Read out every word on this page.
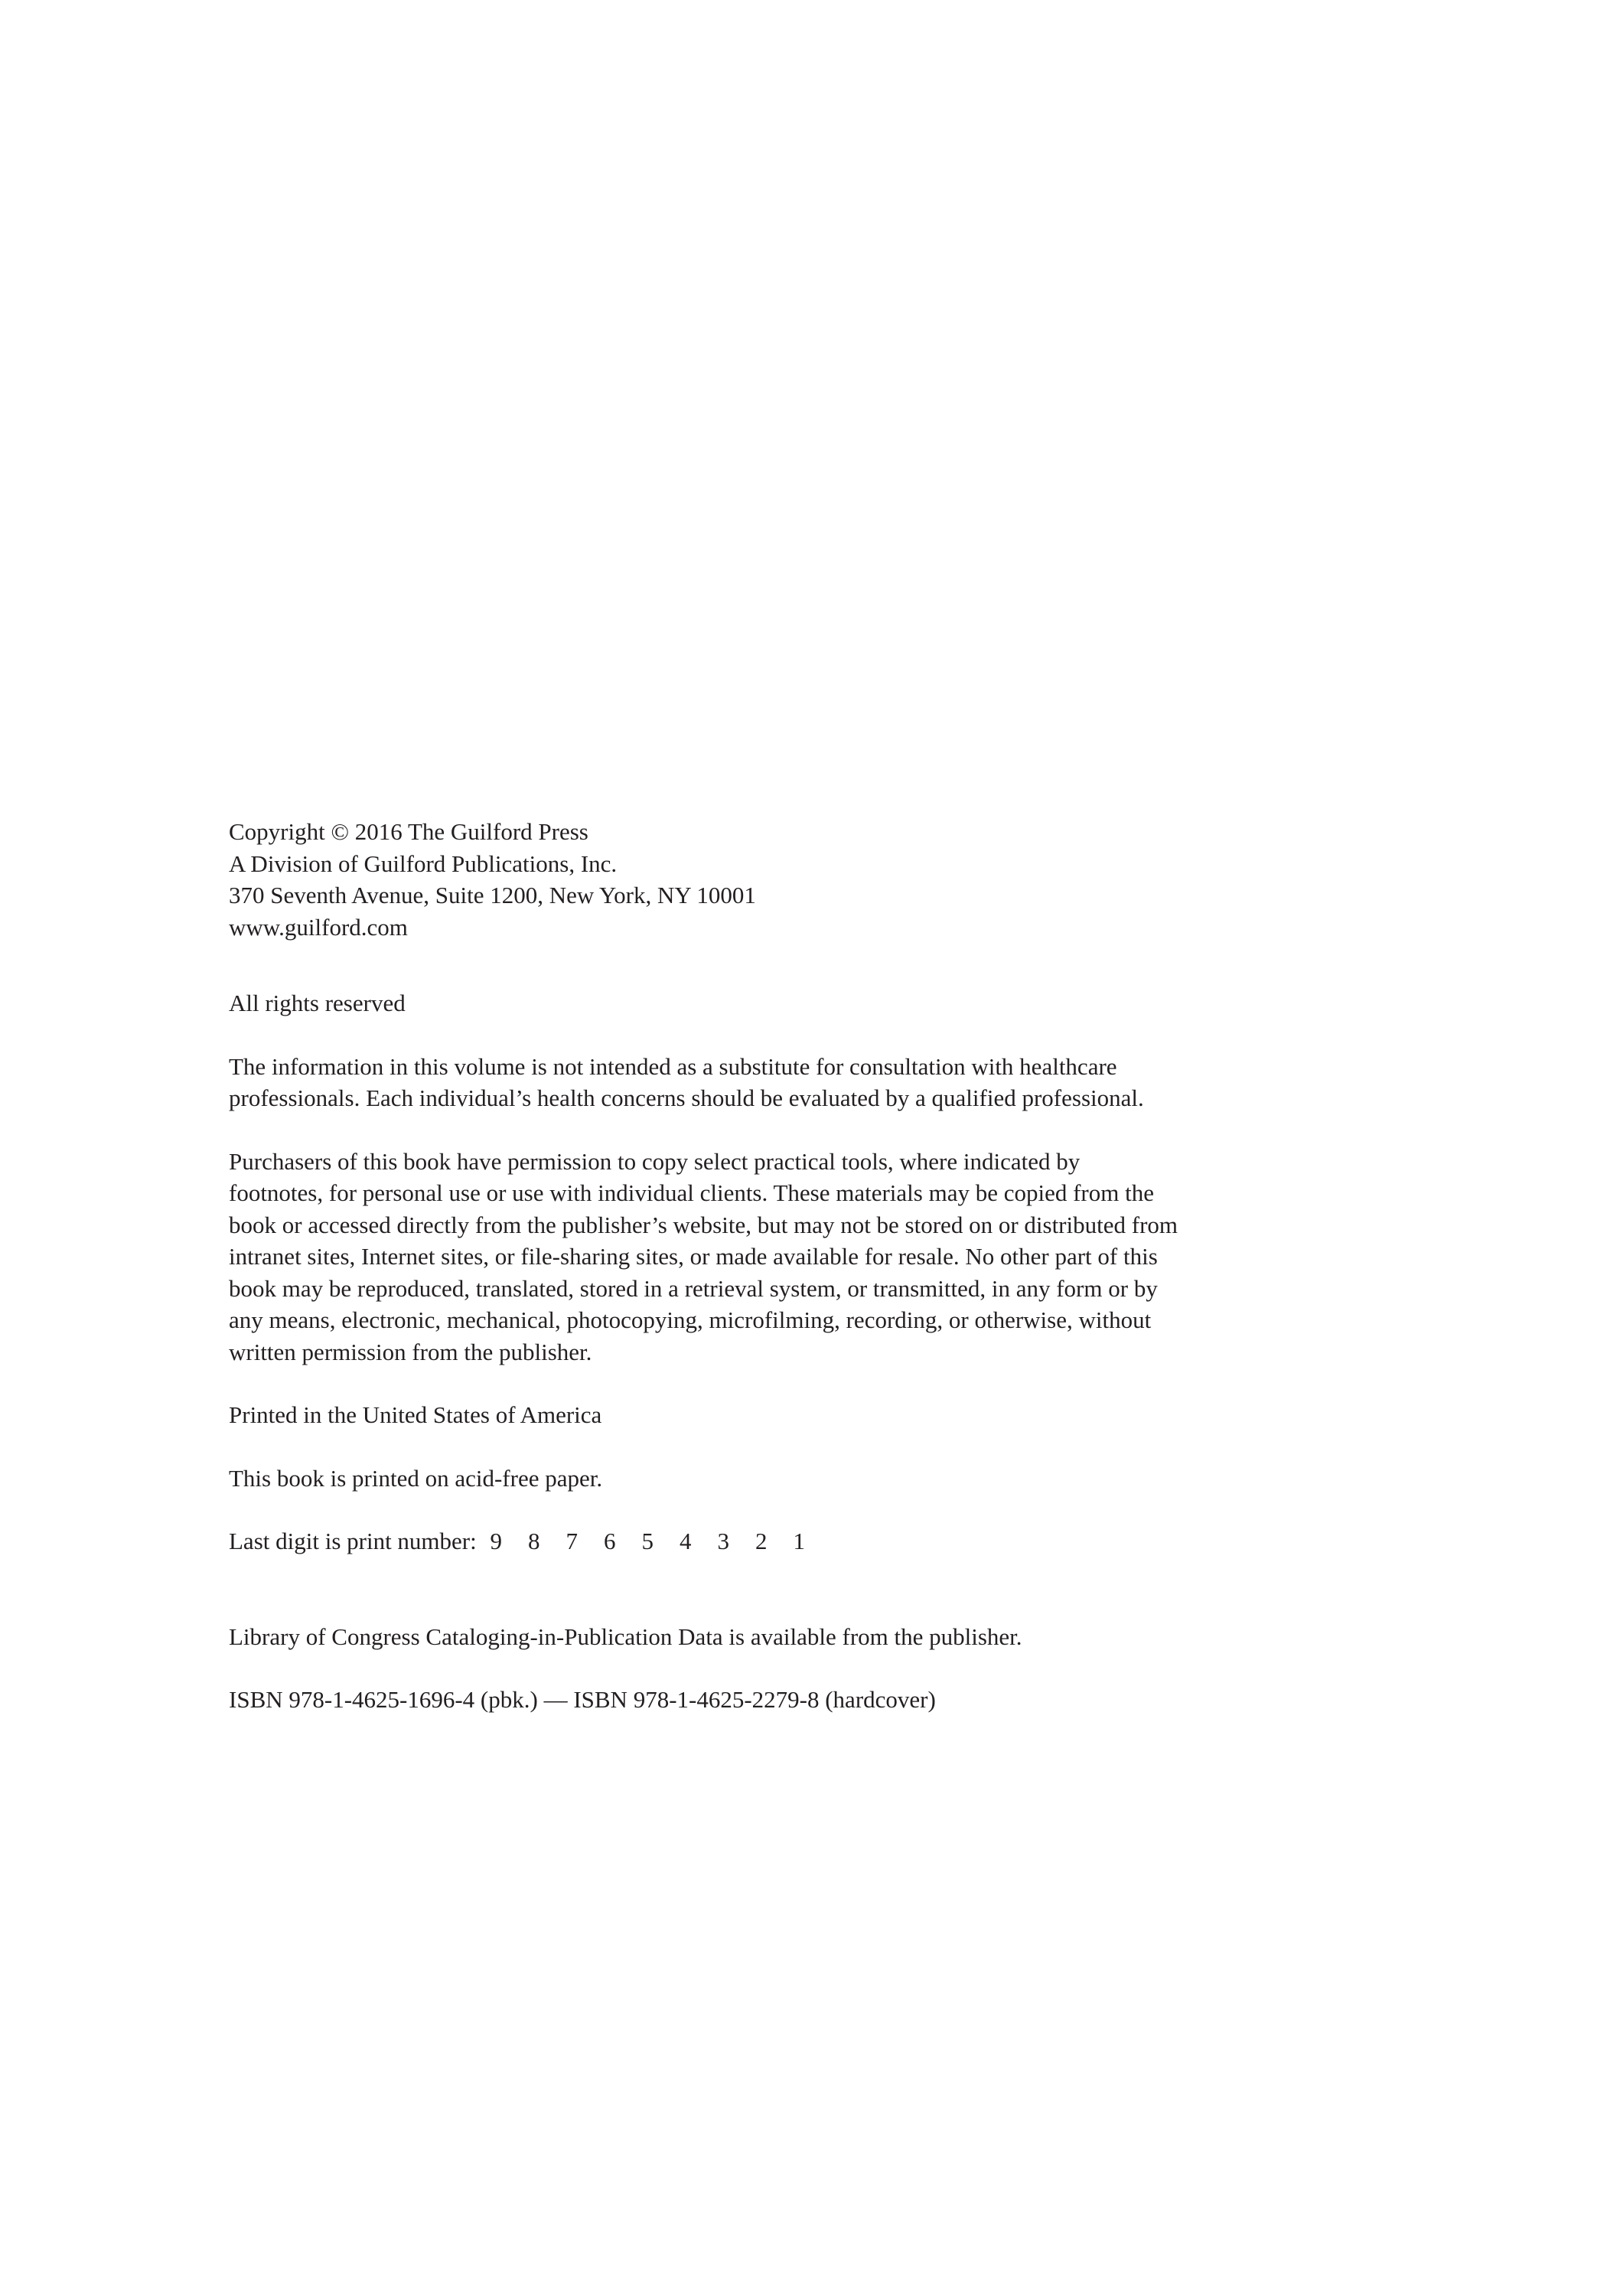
Copyright © 2016 The Guilford Press
A Division of Guilford Publications, Inc.
370 Seventh Avenue, Suite 1200, New York, NY 10001
www.guilford.com
All rights reserved
The information in this volume is not intended as a substitute for consultation with healthcare
professionals. Each individual’s health concerns should be evaluated by a qualified professional.
Purchasers of this book have permission to copy select practical tools, where indicated by
footnotes, for personal use or use with individual clients. These materials may be copied from the
book or accessed directly from the publisher’s website, but may not be stored on or distributed from
intranet sites, Internet sites, or file-sharing sites, or made available for resale. No other part of this
book may be reproduced, translated, stored in a retrieval system, or transmitted, in any form or by
any means, electronic, mechanical, photocopying, microfilming, recording, or otherwise, without
written permission from the publisher.
Printed in the United States of America
This book is printed on acid-free paper.
Last digit is print number: 9 8 7 6 5 4 3 2 1
Library of Congress Cataloging-in-Publication Data is available from the publisher.
ISBN 978-1-4625-1696-4 (pbk.) — ISBN 978-1-4625-2279-8 (hardcover)
